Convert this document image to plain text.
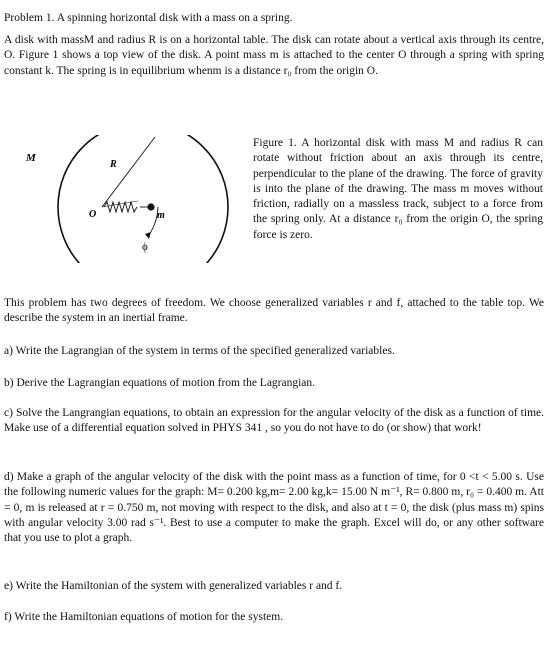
Problem 1. A spinning horizontal disk with a mass on a spring.

A disk with massM and radius R is on a horizontal table. The disk can rotate about a vertical axis through its centre, O. Figure 1 shows a top view of the disk. A point mass m is attached to the center O through a spring with spring constant k. The spring is in equilibrium whenm is a distance r₀ from the origin O.

M
R
O	m
ϕ

Figure 1. A horizontal disk with mass M and radius R can rotate without friction about an axis through its centre, perpendicular to the plane of the drawing. The force of gravity is into the plane of the drawing. The mass m moves without friction, radially on a massless track, subject to a force from the spring only. At a distance r₀ from the origin O, the spring force is zero.

This problem has two degrees of freedom. We choose generalized variables r and f, attached to the table top. We describe the system in an inertial frame.

a) Write the Lagrangian of the system in terms of the specified generalized variables.

b) Derive the Lagrangian equations of motion from the Lagrangian.

c) Solve the Langrangian equations, to obtain an expression for the angular velocity of the disk as a function of time. Make use of a differential equation solved in PHYS 341 , so you do not have to do (or show) that work!

d) Make a graph of the angular velocity of the disk with the point mass as a function of time, for 0 <t < 5.00 s. Use the following numeric values for the graph: M= 0.200 kg,m= 2.00 kg,k= 15.00 N m⁻¹, R= 0.800 m, r₀ = 0.400 m. Att = 0, m is released at r = 0.750 m, not moving with respect to the disk, and also at t = 0, the disk (plus mass m) spins with angular velocity 3.00 rad s⁻¹. Best to use a computer to make the graph. Excel will do, or any other software that you use to plot a graph.

e) Write the Hamiltonian of the system with generalized variables r and f.

f) Write the Hamiltonian equations of motion for the system.
